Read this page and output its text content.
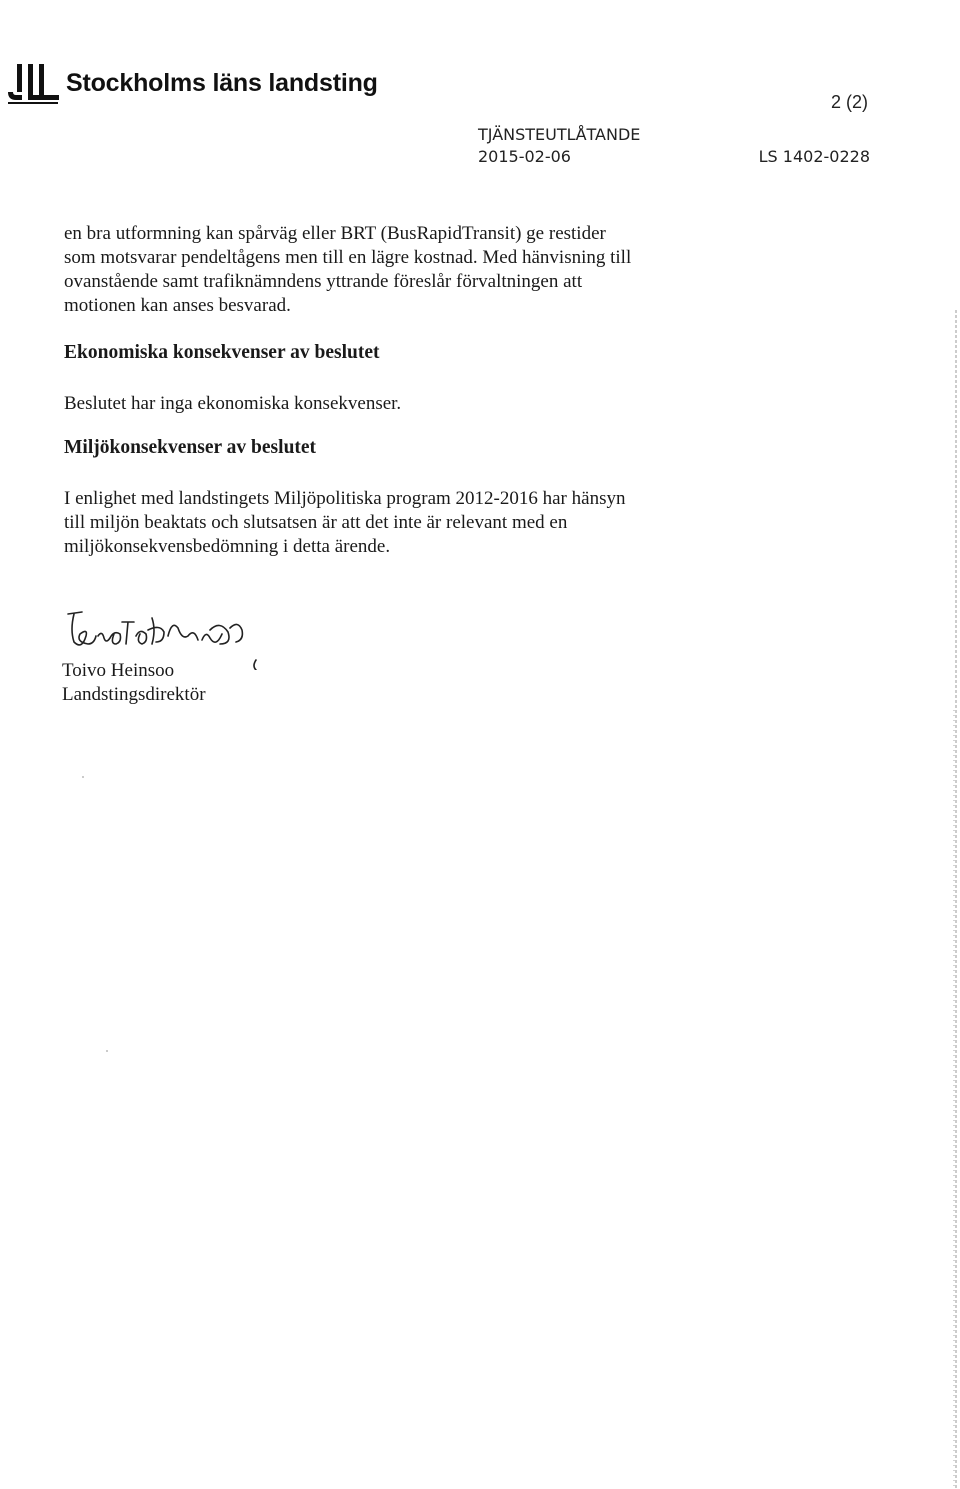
Stockholms läns landsting
2 (2)
TJÄNSTEUTLÅTANDE
2015-02-06	LS 1402-0228

en bra utformning kan spårväg eller BRT (BusRapidTransit) ge restider

som motsvarar pendeltågens men till en lägre kostnad. Med hänvisning till

ovanstående samt trafiknämndens yttrande föreslår förvaltningen att

motionen kan anses besvarad.

Ekonomiska konsekvenser av beslutet

Beslutet har inga ekonomiska konsekvenser.

Miljökonsekvenser av beslutet

I enlighet med landstingets Miljöpolitiska program 2012-2016 har hänsyn

till miljön beaktats och slutsatsen är att det inte är relevant med en

miljökonsekvensbedömning i detta ärende.

Toivo Heinsoo
Landstingsdirektör
